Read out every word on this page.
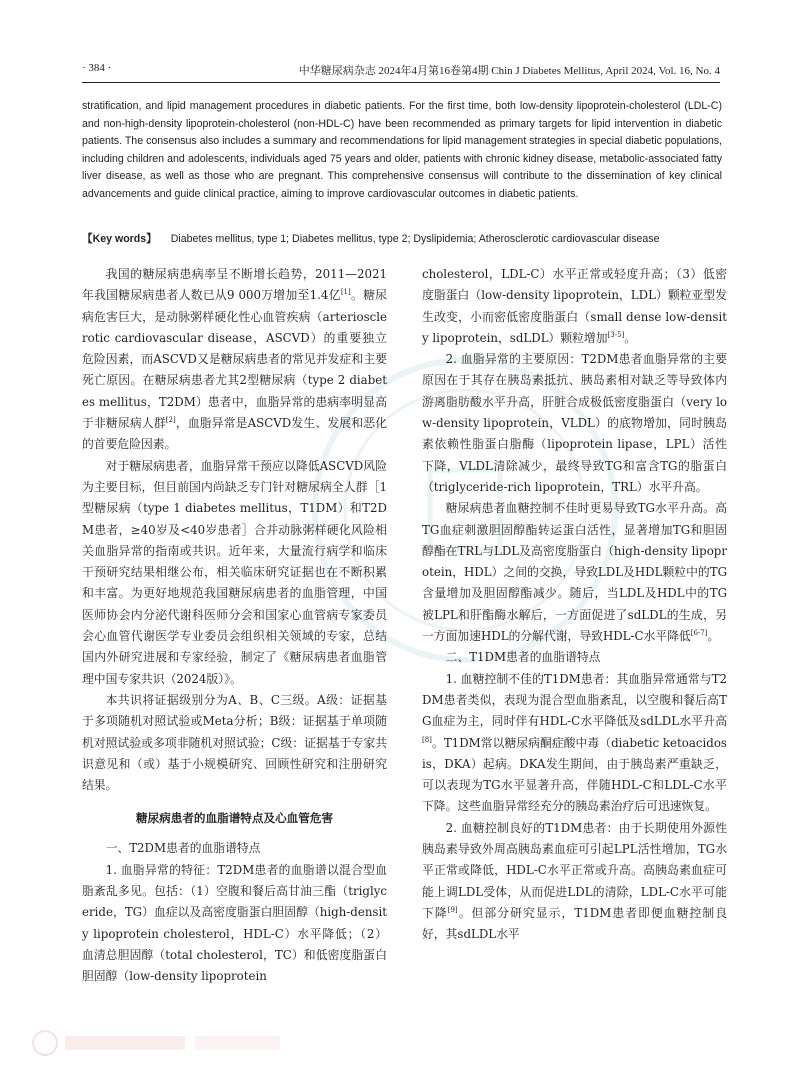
· 384 ·	中华糖尿病杂志 2024年4月第16卷第4期 Chin J Diabetes Mellitus, April 2024, Vol. 16, No. 4
stratification, and lipid management procedures in diabetic patients. For the first time, both low-density lipoprotein-cholesterol (LDL-C) and non-high-density lipoprotein-cholesterol (non-HDL-C) have been recommended as primary targets for lipid intervention in diabetic patients. The consensus also includes a summary and recommendations for lipid management strategies in special diabetic populations, including children and adolescents, individuals aged 75 years and older, patients with chronic kidney disease, metabolic-associated fatty liver disease, as well as those who are pregnant. This comprehensive consensus will contribute to the dissemination of key clinical advancements and guide clinical practice, aiming to improve cardiovascular outcomes in diabetic patients.
【Key words】 Diabetes mellitus, type 1; Diabetes mellitus, type 2; Dyslipidemia; Atherosclerotic cardiovascular disease

我国的糖尿病患病率呈不断增长趋势，2011—2021年我国糖尿病患者人数已从9 000万增加至1.4亿[1]。糖尿病危害巨大，是动脉粥样硬化性心血管疾病（arteriosclerotic cardiovascular disease，ASCVD）的重要独立危险因素，而ASCVD又是糖尿病患者的常见并发症和主要死亡原因。在糖尿病患者尤其2型糖尿病（type 2 diabetes mellitus，T2DM）患者中，血脂异常的患病率明显高于非糖尿病人群[2]，血脂异常是ASCVD发生、发展和恶化的首要危险因素。

对于糖尿病患者，血脂异常干预应以降低ASCVD风险为主要目标，但目前国内尚缺乏专门针对糖尿病全人群［1型糖尿病（type 1 diabetes mellitus，T1DM）和T2DM患者，≥40岁及<40岁患者］合并动脉粥样硬化风险相关血脂异常的指南或共识。近年来，大量流行病学和临床干预研究结果相继公布，相关临床研究证据也在不断积累和丰富。为更好地规范我国糖尿病患者的血脂管理，中国医师协会内分泌代谢科医师分会和国家心血管病专家委员会心血管代谢医学专业委员会组织相关领域的专家，总结国内外研究进展和专家经验，制定了《糖尿病患者血脂管理中国专家共识（2024版）》。

本共识将证据级别分为A、B、C三级。A级：证据基于多项随机对照试验或Meta分析；B级：证据基于单项随机对照试验或多项非随机对照试验；C级：证据基于专家共识意见和（或）基于小规模研究、回顾性研究和注册研究结果。

糖尿病患者的血脂谱特点及心血管危害

一、T2DM患者的血脂谱特点

1. 血脂异常的特征：T2DM患者的血脂谱以混合型血脂紊乱多见。包括：（1）空腹和餐后高甘油三酯（triglyceride，TG）血症以及高密度脂蛋白胆固醇（high-density lipoprotein cholesterol，HDL-C）水平降低；（2）血清总胆固醇（total cholesterol，TC）和低密度脂蛋白胆固醇（low-density lipoprotein

cholesterol，LDL-C）水平正常或轻度升高；（3）低密度脂蛋白（low-density lipoprotein，LDL）颗粒亚型发生改变，小而密低密度脂蛋白（small dense low-density lipoprotein，sdLDL）颗粒增加[3-5]。

2. 血脂异常的主要原因：T2DM患者血脂异常的主要原因在于其存在胰岛素抵抗、胰岛素相对缺乏等导致体内游离脂肪酸水平升高，肝脏合成极低密度脂蛋白（very low-density lipoprotein，VLDL）的底物增加，同时胰岛素依赖性脂蛋白脂酶（lipoprotein lipase，LPL）活性下降，VLDL清除减少，最终导致TG和富含TG的脂蛋白（triglyceride-rich lipoprotein，TRL）水平升高。

糖尿病患者血糖控制不佳时更易导致TG水平升高。高TG血症刺激胆固醇酯转运蛋白活性，显著增加TG和胆固醇酯在TRL与LDL及高密度脂蛋白（high-density lipoprotein，HDL）之间的交换，导致LDL及HDL颗粒中的TG含量增加及胆固醇酯减少。随后，当LDL及HDL中的TG被LPL和肝酯酶水解后，一方面促进了sdLDL的生成，另一方面加速HDL的分解代谢，导致HDL-C水平降低[6-7]。

二、T1DM患者的血脂谱特点

1. 血糖控制不佳的T1DM患者：其血脂异常通常与T2DM患者类似，表现为混合型血脂紊乱，以空腹和餐后高TG血症为主，同时伴有HDL-C水平降低及sdLDL水平升高[8]。T1DM常以糖尿病酮症酸中毒（diabetic ketoacidosis，DKA）起病。DKA发生期间，由于胰岛素严重缺乏，可以表现为TG水平显著升高，伴随HDL-C和LDL-C水平下降。这些血脂异常经充分的胰岛素治疗后可迅速恢复。

2. 血糖控制良好的T1DM患者：由于长期使用外源性胰岛素导致外周高胰岛素血症可引起LPL活性增加，TG水平正常或降低，HDL-C水平正常或升高。高胰岛素血症可能上调LDL受体，从而促进LDL的清除，LDL-C水平可能下降[9]。但部分研究显示，T1DM患者即便血糖控制良好，其sdLDL水平
